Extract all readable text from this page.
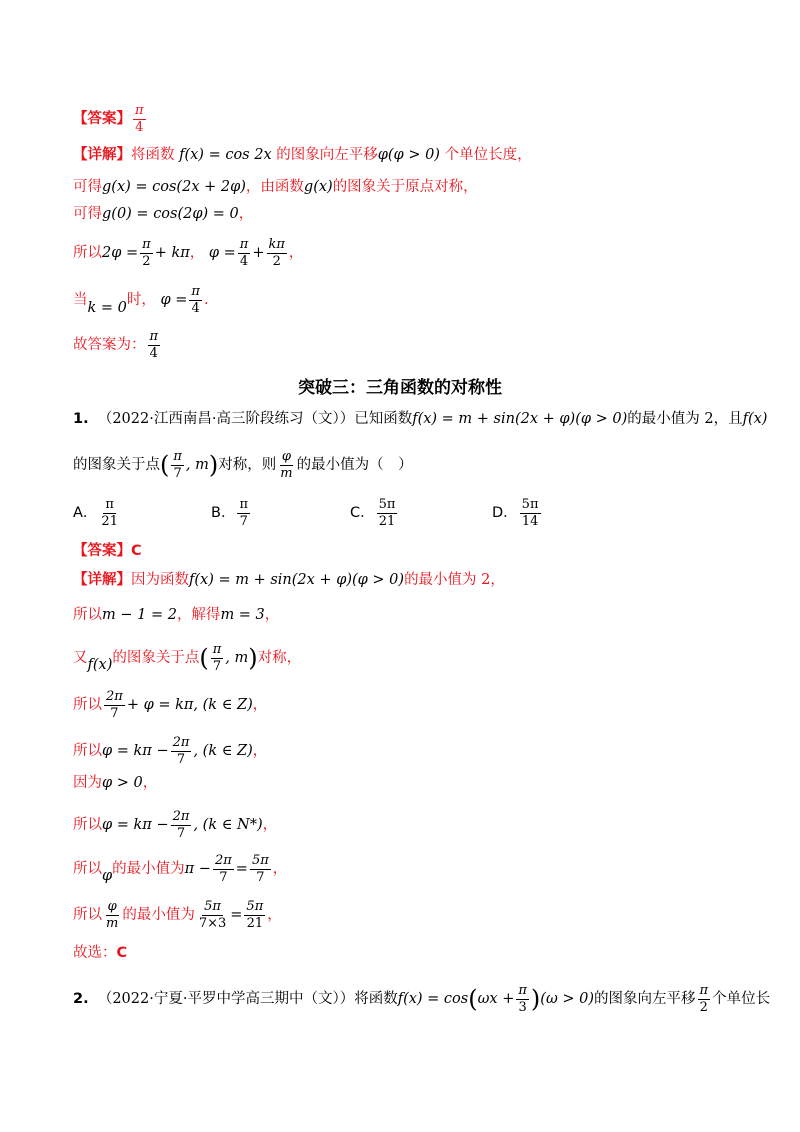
【答案】 $\frac{\pi}{4}$
【详解】将函数 f(x) = cos 2x 的图象向左平移φ(φ > 0) 个单位长度，
可得g(x) = cos(2x + 2φ)，由函数g(x)的图象关于原点对称，
可得g(0) = cos(2φ) = 0，
所以$2\varphi = \frac{\pi}{2} + k\pi$， $\varphi = \frac{\pi}{4} + \frac{k\pi}{2}$ ，
当k = 0时， $\varphi = \frac{\pi}{4}$ .
故答案为： $\frac{\pi}{4}$
突破三：三角函数的对称性
1. （2022·江西南昌·高三阶段练习（文））已知函数f(x) = m + sin(2x + φ)(φ > 0)的最小值为 2，且f(x)
的图象关于点( $\frac{\pi}{7}$ , m)对称，则 $\frac{\varphi}{m}$ 的最小值为（　）
A． $\frac{\pi}{21}$	B． $\frac{\pi}{7}$	C． $\frac{5\pi}{21}$	D． $\frac{5\pi}{14}$
【答案】C
【详解】因为函数f(x) = m + sin(2x + φ)(φ > 0)的最小值为 2，
所以m − 1 = 2，解得m = 3，
又f(x)的图象关于点( $\frac{\pi}{7}$ , m)对称，
所以 $\frac{2\pi}{7} + \varphi = k\pi$, (k ∈ Z)，
所以$\varphi = k\pi - \frac{2\pi}{7}$ , (k ∈ Z)，
因为φ > 0，
所以$\varphi = k\pi - \frac{2\pi}{7}$ , (k ∈ N*)，
所以φ的最小值为$\pi - \frac{2\pi}{7} = \frac{5\pi}{7}$ ，
所以 $\frac{\varphi}{m}$ 的最小值为 $\frac{5\pi}{7\times 3} = \frac{5\pi}{21}$ ，
故选：C
2. （2022·宁夏·平罗中学高三期中（文））将函数$f(x) = \cos(\omega x + \frac{\pi}{3} )(\omega > 0)$的图象向左平移 $\frac{\pi}{2}$ 个单位长
